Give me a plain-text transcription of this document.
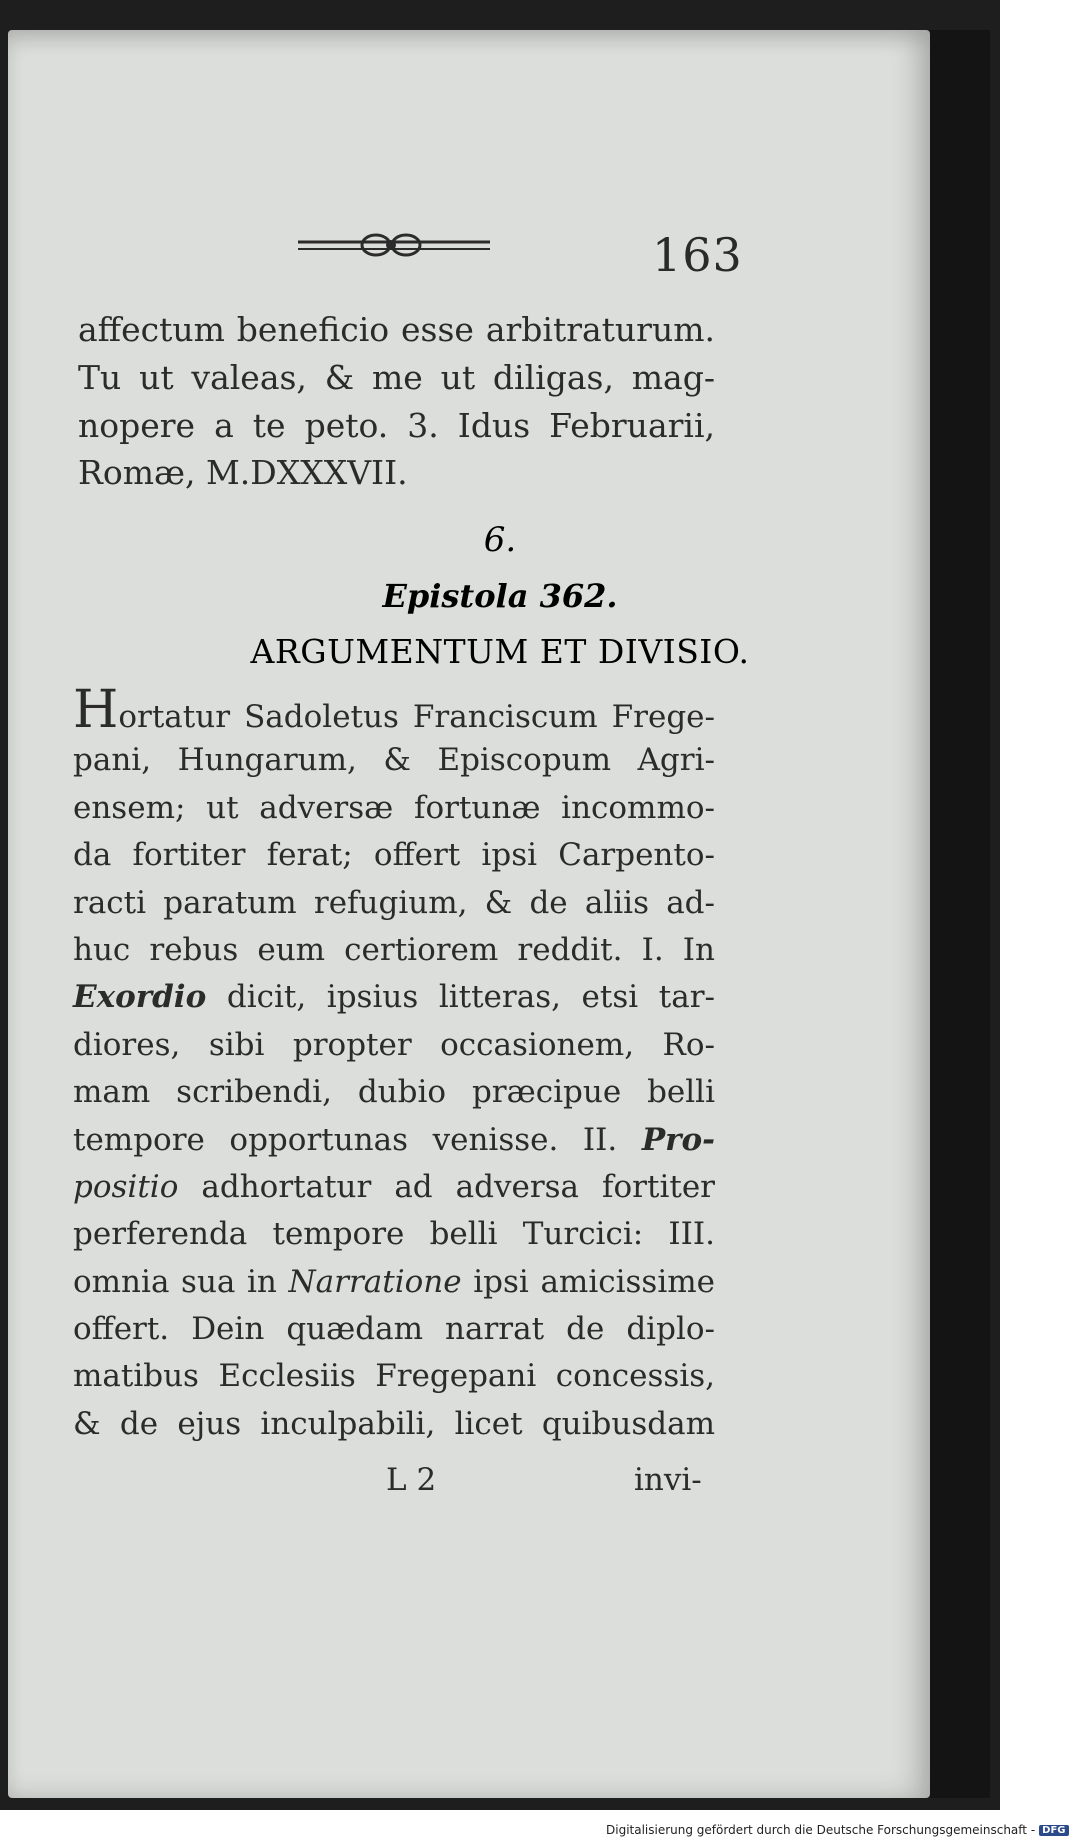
163
affectum beneficio esse arbitraturum.
Tu ut valeas, & me ut diligas, mag-
nopere a te peto. 3. Idus Februarii,
Romæ, M.DXXXVII.
6.
Epistola 362.
ARGUMENTUM ET DIVISIO.
Hortatur Sadoletus Franciscum Frege-
pani, Hungarum, & Episcopum Agri-
ensem; ut adversæ fortunæ incommo-
da fortiter ferat; offert ipsi Carpento-
racti paratum refugium, & de aliis ad-
huc rebus eum certiorem reddit. I. In
Exordio dicit, ipsius litteras, etsi tar-
diores, sibi propter occasionem, Ro-
mam scribendi, dubio præcipue belli
tempore opportunas venisse. II. Pro-
positio adhortatur ad adversa fortiter
perferenda tempore belli Turcici: III.
omnia sua in Narratione ipsi amicissime
offert. Dein quædam narrat de diplo-
matibus Ecclesiis Fregepani concessis,
& de ejus inculpabili, licet quibusdam
L 2	invi-
Digitalisierung gefördert durch die Deutsche Forschungsgemeinschaft - DFG
